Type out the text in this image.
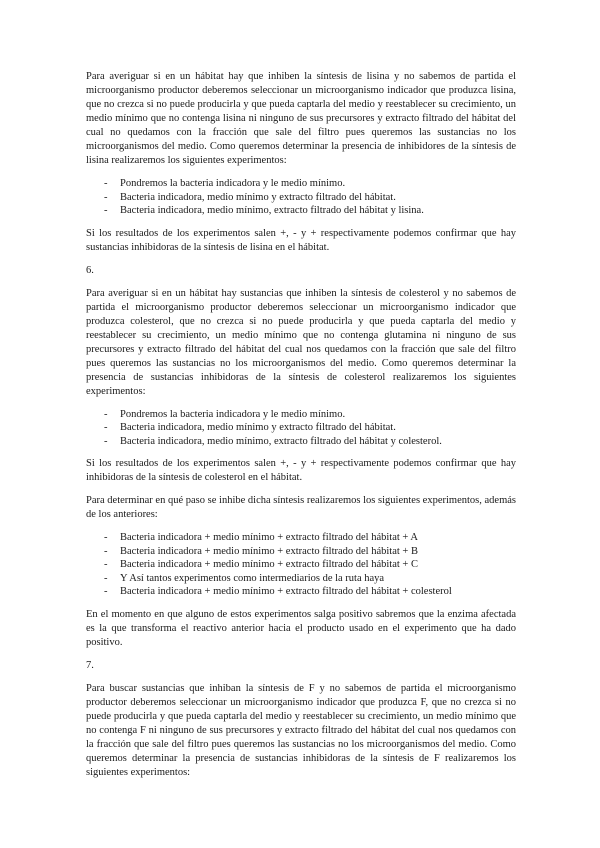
Para averiguar si en un hábitat hay que inhiben la síntesis de lisina y no sabemos de partida el microorganismo productor deberemos seleccionar un microorganismo indicador que produzca lisina, que no crezca si no puede producirla y que pueda captarla del medio y reestablecer su crecimiento, un medio mínimo que no contenga lisina ni ninguno de sus precursores y extracto filtrado del hábitat del cual no quedamos con la fracción que sale del filtro pues queremos las sustancias no los microorganismos del medio. Como queremos determinar la presencia de inhibidores de la síntesis de lisina realizaremos los siguientes experimentos:

- Pondremos la bacteria indicadora y le medio mínimo.
- Bacteria indicadora, medio mínimo y extracto filtrado del hábitat.
- Bacteria indicadora, medio mínimo, extracto filtrado del hábitat y lisina.

Si los resultados de los experimentos salen +, - y + respectivamente podemos confirmar que hay sustancias inhibidoras de la síntesis de lisina en el hábitat.

6.

Para averiguar si en un hábitat hay sustancias que inhiben la síntesis de colesterol y no sabemos de partida el microorganismo productor deberemos seleccionar un microorganismo indicador que produzca colesterol, que no crezca si no puede producirla y que pueda captarla del medio y reestablecer su crecimiento, un medio mínimo que no contenga glutamina ni ninguno de sus precursores y extracto filtrado del hábitat del cual nos quedamos con la fracción que sale del filtro pues queremos las sustancias no los microorganismos del medio. Como queremos determinar la presencia de sustancias inhibidoras de la síntesis de colesterol realizaremos los siguientes experimentos:

- Pondremos la bacteria indicadora y le medio mínimo.
- Bacteria indicadora, medio mínimo y extracto filtrado del hábitat.
- Bacteria indicadora, medio mínimo, extracto filtrado del hábitat y colesterol.

Si los resultados de los experimentos salen +, - y + respectivamente podemos confirmar que hay inhibidoras de la síntesis de colesterol en el hábitat.

Para determinar en qué paso se inhibe dicha síntesis realizaremos los siguientes experimentos, además de los anteriores:

- Bacteria indicadora + medio mínimo + extracto filtrado del hábitat + A
- Bacteria indicadora + medio mínimo + extracto filtrado del hábitat + B
- Bacteria indicadora + medio mínimo + extracto filtrado del hábitat + C
- Y Así tantos experimentos como intermediarios de la ruta haya
- Bacteria indicadora + medio mínimo + extracto filtrado del hábitat + colesterol

En el momento en que alguno de estos experimentos salga positivo sabremos que la enzima afectada es la que transforma el reactivo anterior hacia el producto usado en el experimento que ha dado positivo.

7.

Para buscar sustancias que inhiban la síntesis de F y no sabemos de partida el microorganismo productor deberemos seleccionar un microorganismo indicador que produzca F, que no crezca si no puede producirla y que pueda captarla del medio y reestablecer su crecimiento, un medio mínimo que no contenga F ni ninguno de sus precursores y extracto filtrado del hábitat del cual nos quedamos con la fracción que sale del filtro pues queremos las sustancias no los microorganismos del medio. Como queremos determinar la presencia de sustancias inhibidoras de la síntesis de F realizaremos los siguientes experimentos:
